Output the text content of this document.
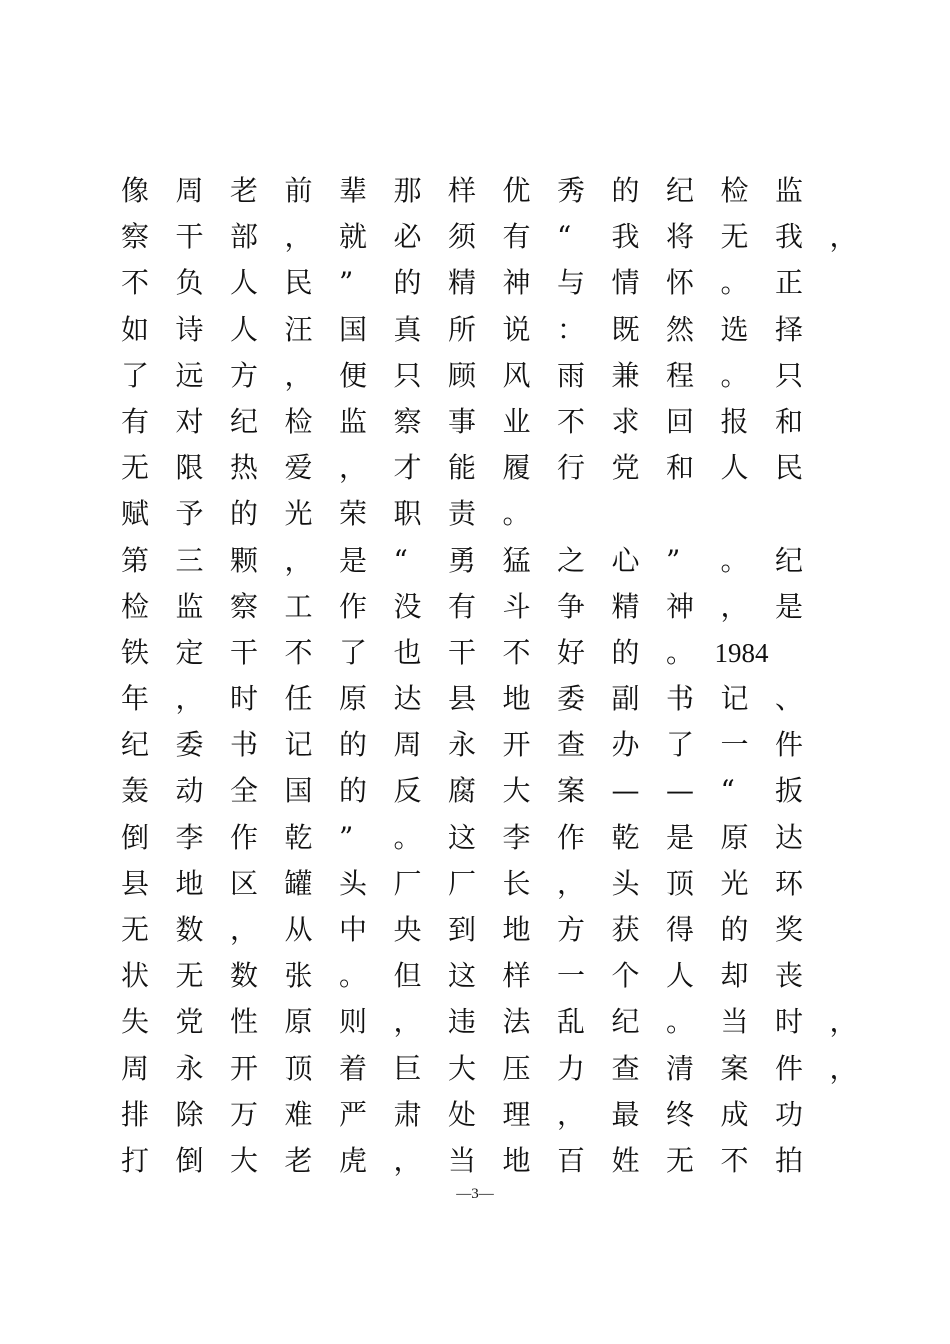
像 周 老 前 辈 那 样 优 秀 的 纪 检 监
察 干 部 ， 就 必 须 有 “ 我 将 无 我 ，
不 负 人 民 ” 的 精 神 与 情 怀 。 正
如 诗 人 汪 国 真 所 说 ： 既 然 选 择
了 远 方 ， 便 只 顾 风 雨 兼 程 。 只
有 对 纪 检 监 察 事 业 不 求 回 报 和
无 限 热 爱 ， 才 能 履 行 党 和 人 民
赋 予 的 光 荣 职 责 。
第 三 颗 ， 是 “ 勇 猛 之 心 ” 。 纪
检 监 察 工 作 没 有 斗 争 精 神 ， 是
铁 定 干 不 了 也 干 不 好 的 。 1984
年 ， 时 任 原 达 县 地 委 副 书 记 、
纪 委 书 记 的 周 永 开 查 办 了 一 件
轰 动 全 国 的 反 腐 大 案 — — “ 扳
倒 李 作 乾 ” 。 这 李 作 乾 是 原 达
县 地 区 罐 头 厂 厂 长 ， 头 顶 光 环
无 数 ， 从 中 央 到 地 方 获 得 的 奖
状 无 数 张 。 但 这 样 一 个 人 却 丧
失 党 性 原 则 ， 违 法 乱 纪 。 当 时 ，
周 永 开 顶 着 巨 大 压 力 查 清 案 件 ，
排 除 万 难 严 肃 处 理 ， 最 终 成 功
打 倒 大 老 虎 ， 当 地 百 姓 无 不 拍
—3—
